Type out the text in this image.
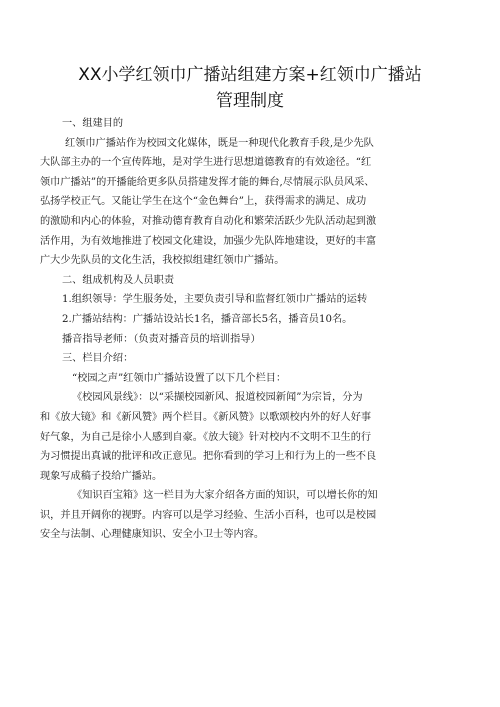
XX小学红领巾广播站组建方案+红领巾广播站
管理制度

一、组建目的

红领巾广播站作为校园文化媒体，既是一种现代化教育手段,是少先队

大队部主办的一个宣传阵地，是对学生进行思想道德教育的有效途径。“红

领巾广播站”的开播能给更多队员搭建发挥才能的舞台,尽情展示队员风采、

弘扬学校正气。又能让学生在这个“金色舞台”上，获得需求的满足、成功

的激励和内心的体验，对推动德育教育自动化和繁荣活跃少先队活动起到激

活作用，为有效地推进了校园文化建设，加强少先队阵地建设，更好的丰富

广大少先队员的文化生活，我校拟组建红领巾广播站。

二、组成机构及人员职责

1.组织领导：学生服务处，主要负责引导和监督红领巾广播站的运转

2.广播站结构：广播站设站长1名，播音部长5名，播音员10名。

播音指导老师：（负责对播音员的培训指导）

三、栏目介绍：

“校园之声”红领巾广播站设置了以下几个栏目：

《校园风景线》：以“采撷校园新风、报道校园新闻”为宗旨，分为

和《放大镜》和《新风赞》两个栏目。《新风赞》以歌颂校内外的好人好事

好气象，为自己是徐小人感到自豪。《放大镜》针对校内不文明不卫生的行

为习惯提出真诚的批评和改正意见。把你看到的学习上和行为上的一些不良

现象写成稿子投给广播站。

《知识百宝箱》这一栏目为大家介绍各方面的知识，可以增长你的知

识，并且开阔你的视野。内容可以是学习经验、生活小百科，也可以是校园

安全与法制、心理健康知识、安全小卫士等内容。
